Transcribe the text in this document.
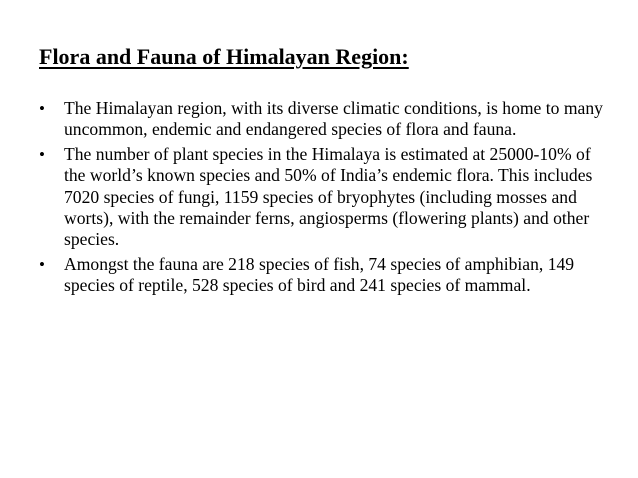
Flora and Fauna of Himalayan Region:
•	The Himalayan region, with its diverse climatic conditions, is home to many uncommon, endemic and endangered species of flora and fauna.
•	The number of plant species in the Himalaya is estimated at 25000-10% of the world’s known species and 50% of India’s endemic flora. This includes 7020 species of fungi, 1159 species of bryophytes (including mosses and worts), with the remainder ferns, angiosperms (flowering plants) and other species.
•	Amongst the fauna are 218 species of fish, 74 species of amphibian, 149 species of reptile, 528 species of bird and 241 species of mammal.
